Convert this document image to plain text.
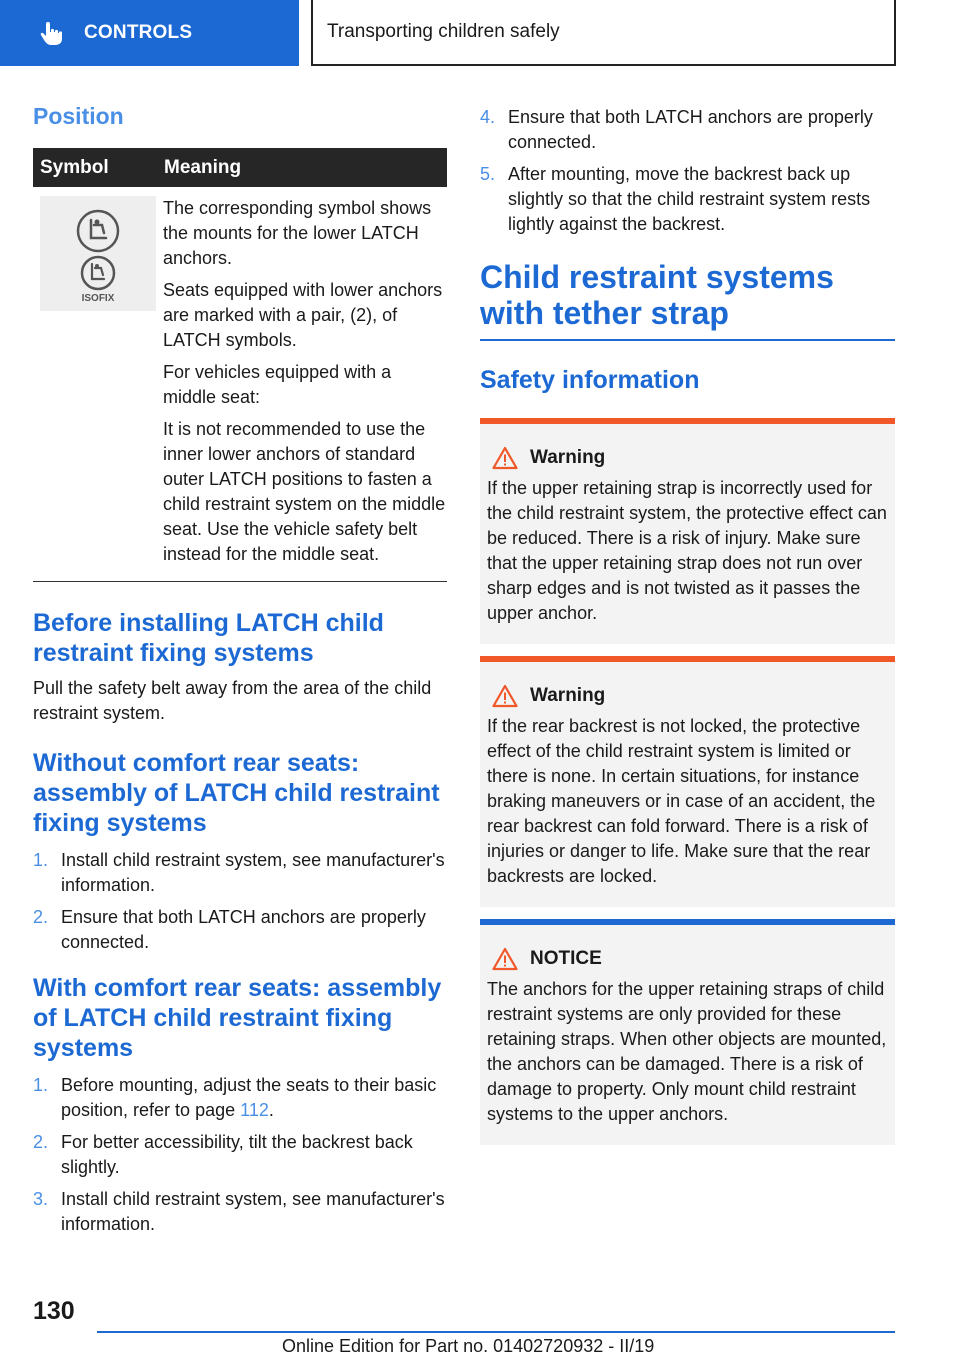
CONTROLS	Transporting children safely
Position
Symbol	Meaning
ISOFIX

The corresponding symbol shows the mounts for the lower LATCH anchors.

Seats equipped with lower anchors are marked with a pair, (2), of LATCH symbols.

For vehicles equipped with a middle seat:

It is not recommended to use the inner lower anchors of standard outer LATCH positions to fasten a child restraint system on the middle seat. Use the vehicle safety belt instead for the middle seat.

Before installing LATCH child restraint fixing systems

Pull the safety belt away from the area of the child restraint system.

Without comfort rear seats: assembly of LATCH child restraint fixing systems
1. Install child restraint system, see manufacturer's information.
2. Ensure that both LATCH anchors are properly connected.
With comfort rear seats: assembly of LATCH child restraint fixing systems
1. Before mounting, adjust the seats to their basic position, refer to page 112.
2. For better accessibility, tilt the backrest back slightly.
3. Install child restraint system, see manufacturer's information.
4. Ensure that both LATCH anchors are properly connected.
5. After mounting, move the backrest back up slightly so that the child restraint system rests lightly against the backrest.
Child restraint systems with tether strap
Safety information
Warning

If the upper retaining strap is incorrectly used for the child restraint system, the protective effect can be reduced. There is a risk of injury. Make sure that the upper retaining strap does not run over sharp edges and is not twisted as it passes the upper anchor.

Warning

If the rear backrest is not locked, the protective effect of the child restraint system is limited or there is none. In certain situations, for instance braking maneuvers or in case of an accident, the rear backrest can fold forward. There is a risk of injuries or danger to life. Make sure that the rear backrests are locked.

NOTICE

The anchors for the upper retaining straps of child restraint systems are only provided for these retaining straps. When other objects are mounted, the anchors can be damaged. There is a risk of damage to property. Only mount child restraint systems to the upper anchors.

130
Online Edition for Part no. 01402720932 - II/19
